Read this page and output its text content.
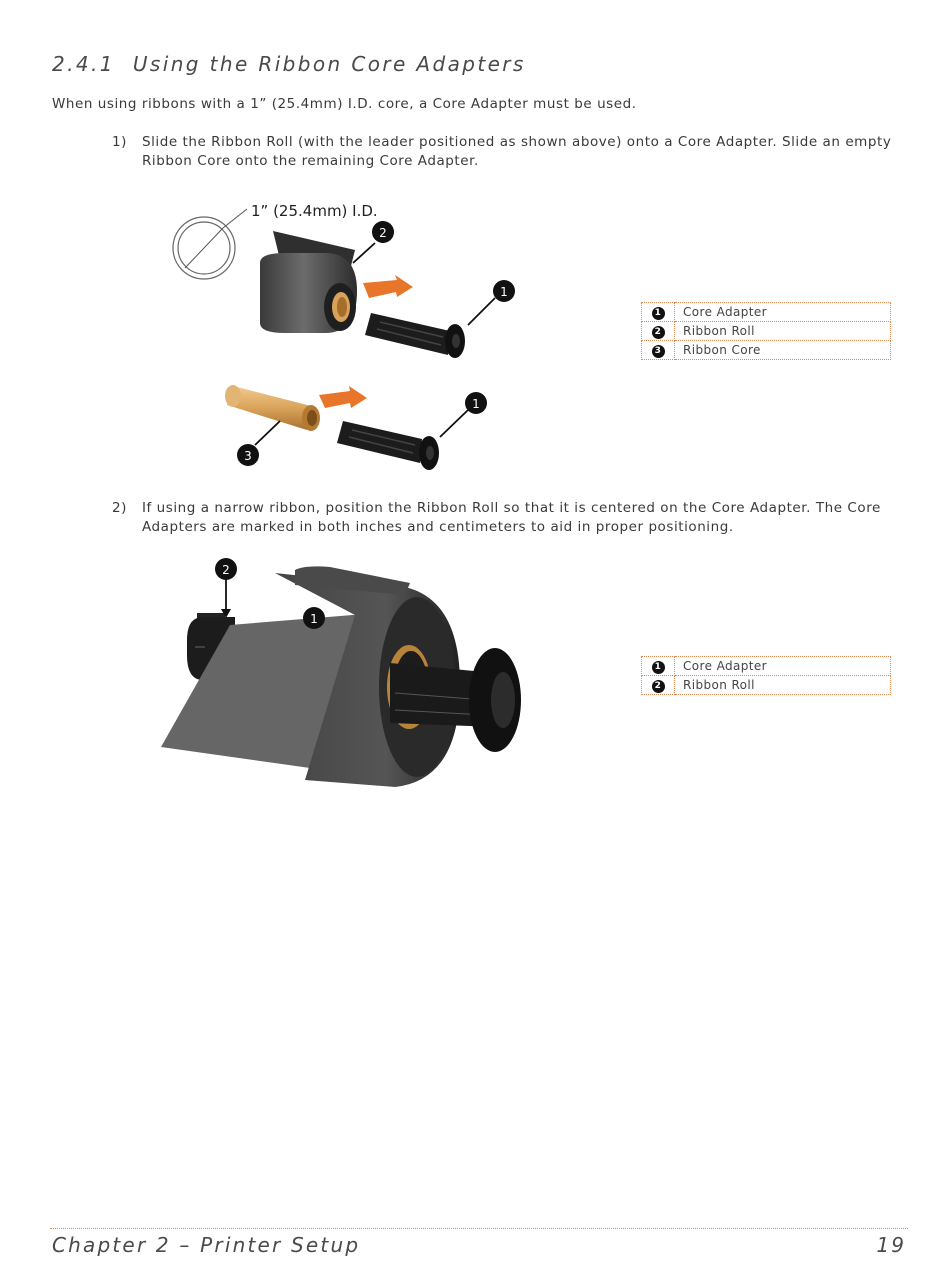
2.4.1 Using the Ribbon Core Adapters
When using ribbons with a 1” (25.4mm) I.D. core, a Core Adapter must be used.
1) Slide the Ribbon Roll (with the leader positioned as shown above) onto a Core Adapter. Slide an empty Ribbon Core onto the remaining Core Adapter.
1” (25.4mm) I.D.
2
1
1
3
1	Core Adapter
2	Ribbon Roll
3	Ribbon Core
2) If using a narrow ribbon, position the Ribbon Roll so that it is centered on the Core Adapter. The Core Adapters are marked in both inches and centimeters to aid in proper positioning.
2
1
1	Core Adapter
2	Ribbon Roll
Chapter 2 – Printer Setup	19
